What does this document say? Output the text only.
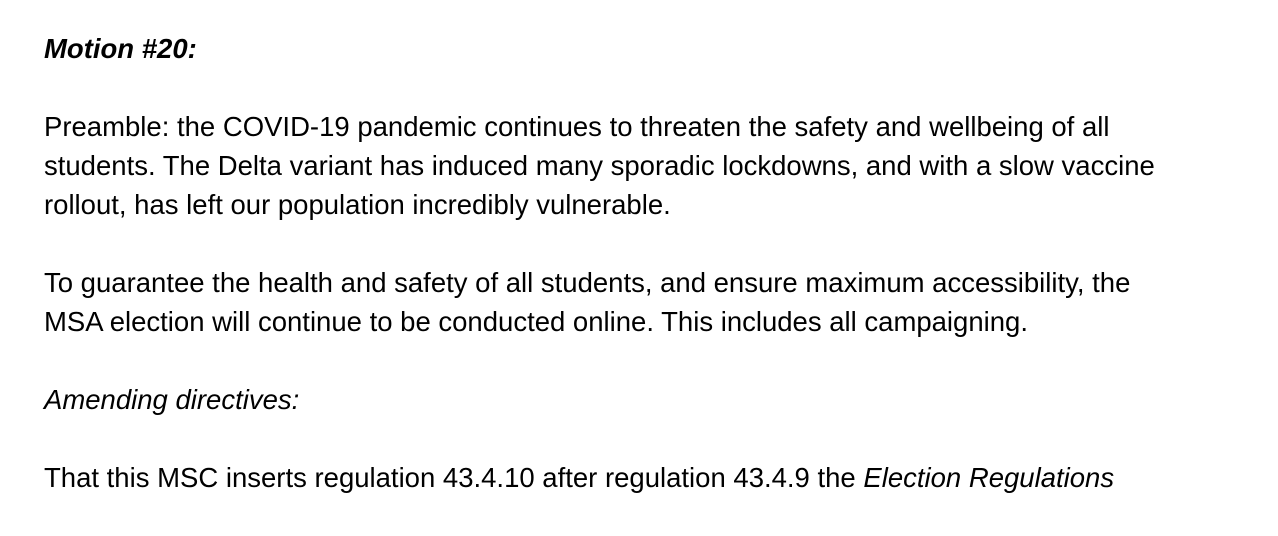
Motion #20:

Preamble: the COVID-19 pandemic continues to threaten the safety and wellbeing of all
students. The Delta variant has induced many sporadic lockdowns, and with a slow vaccine
rollout, has left our population incredibly vulnerable.

To guarantee the health and safety of all students, and ensure maximum accessibility, the
MSA election will continue to be conducted online. This includes all campaigning.

Amending directives:

That this MSC inserts regulation 43.4.10 after regulation 43.4.9 the Election Regulations
